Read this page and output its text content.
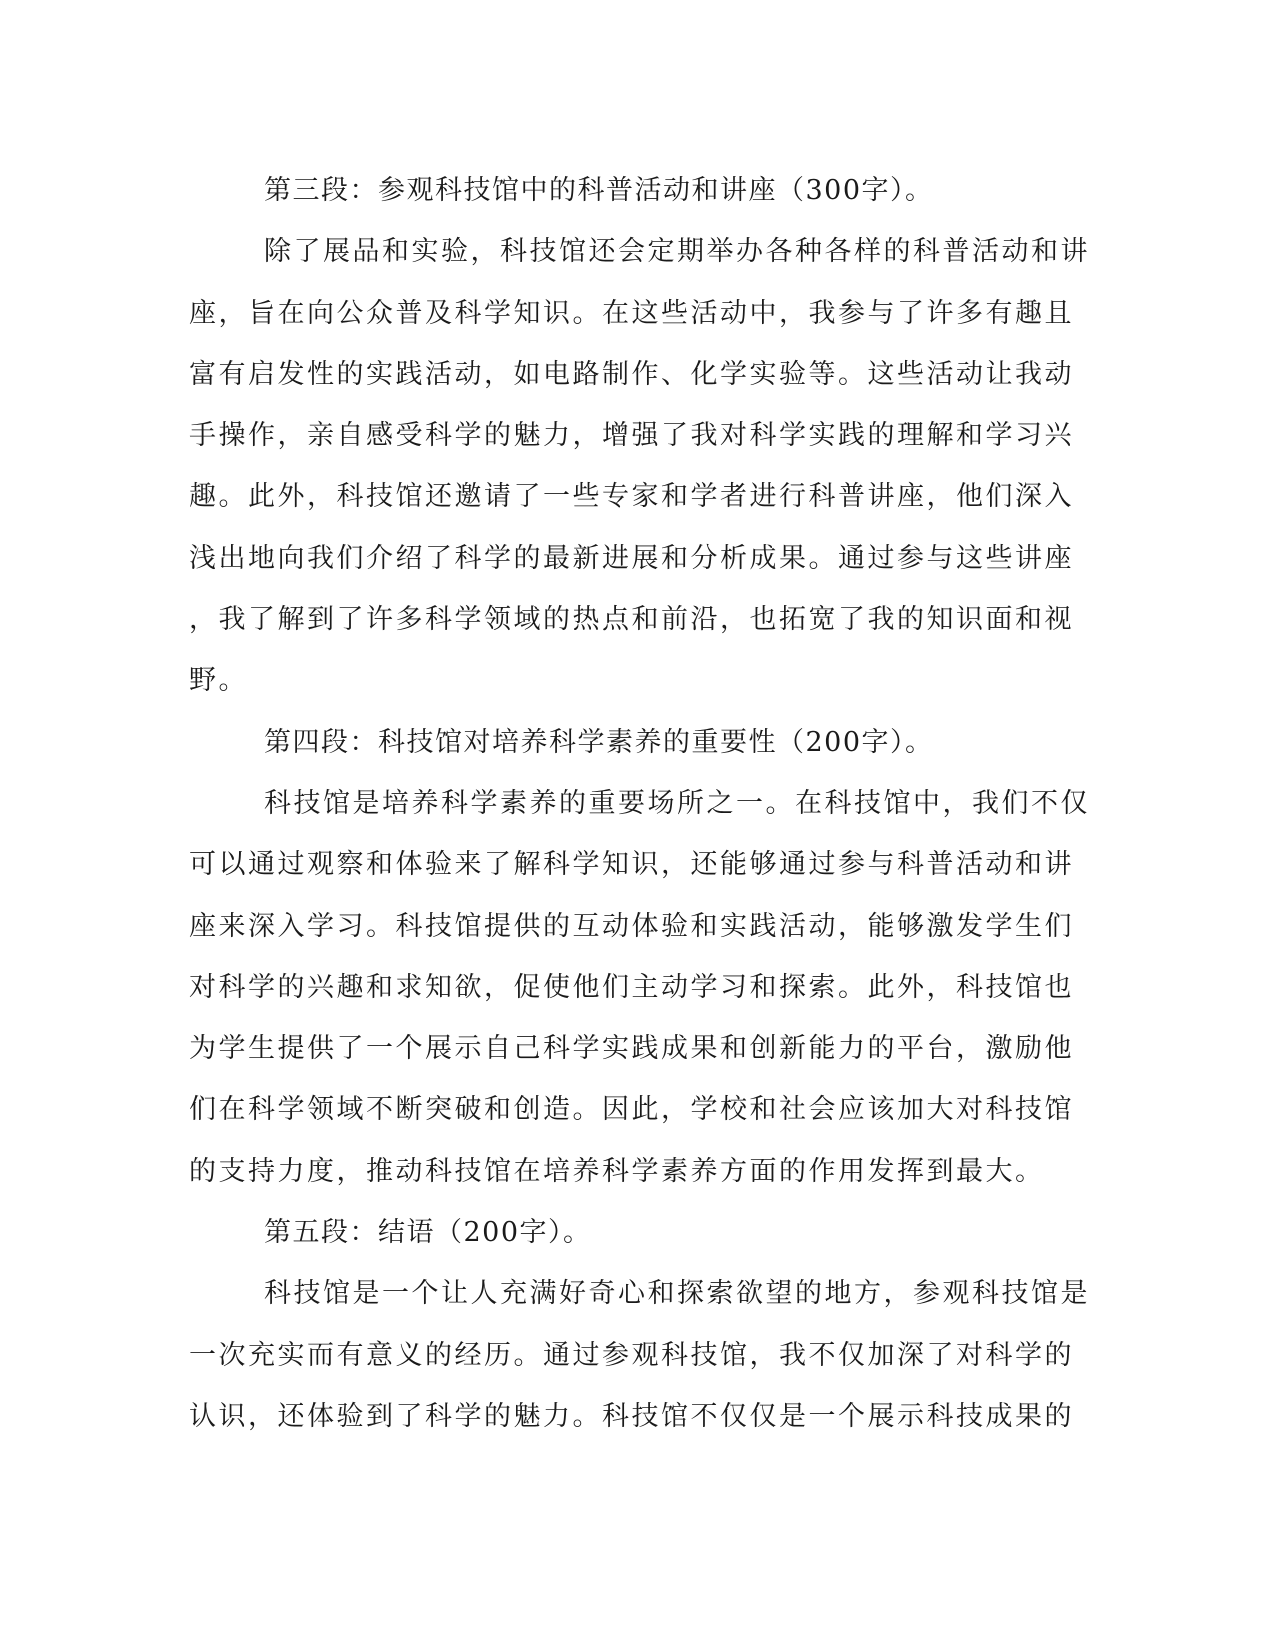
第三段：参观科技馆中的科普活动和讲座（300字）。
除了展品和实验，科技馆还会定期举办各种各样的科普活动和讲
座，旨在向公众普及科学知识。在这些活动中，我参与了许多有趣且
富有启发性的实践活动，如电路制作、化学实验等。这些活动让我动
手操作，亲自感受科学的魅力，增强了我对科学实践的理解和学习兴
趣。此外，科技馆还邀请了一些专家和学者进行科普讲座，他们深入
浅出地向我们介绍了科学的最新进展和分析成果。通过参与这些讲座
，我了解到了许多科学领域的热点和前沿，也拓宽了我的知识面和视
野。
第四段：科技馆对培养科学素养的重要性（200字）。
科技馆是培养科学素养的重要场所之一。在科技馆中，我们不仅
可以通过观察和体验来了解科学知识，还能够通过参与科普活动和讲
座来深入学习。科技馆提供的互动体验和实践活动，能够激发学生们
对科学的兴趣和求知欲，促使他们主动学习和探索。此外，科技馆也
为学生提供了一个展示自己科学实践成果和创新能力的平台，激励他
们在科学领域不断突破和创造。因此，学校和社会应该加大对科技馆
的支持力度，推动科技馆在培养科学素养方面的作用发挥到最大。
第五段：结语（200字）。
科技馆是一个让人充满好奇心和探索欲望的地方，参观科技馆是
一次充实而有意义的经历。通过参观科技馆，我不仅加深了对科学的
认识，还体验到了科学的魅力。科技馆不仅仅是一个展示科技成果的
